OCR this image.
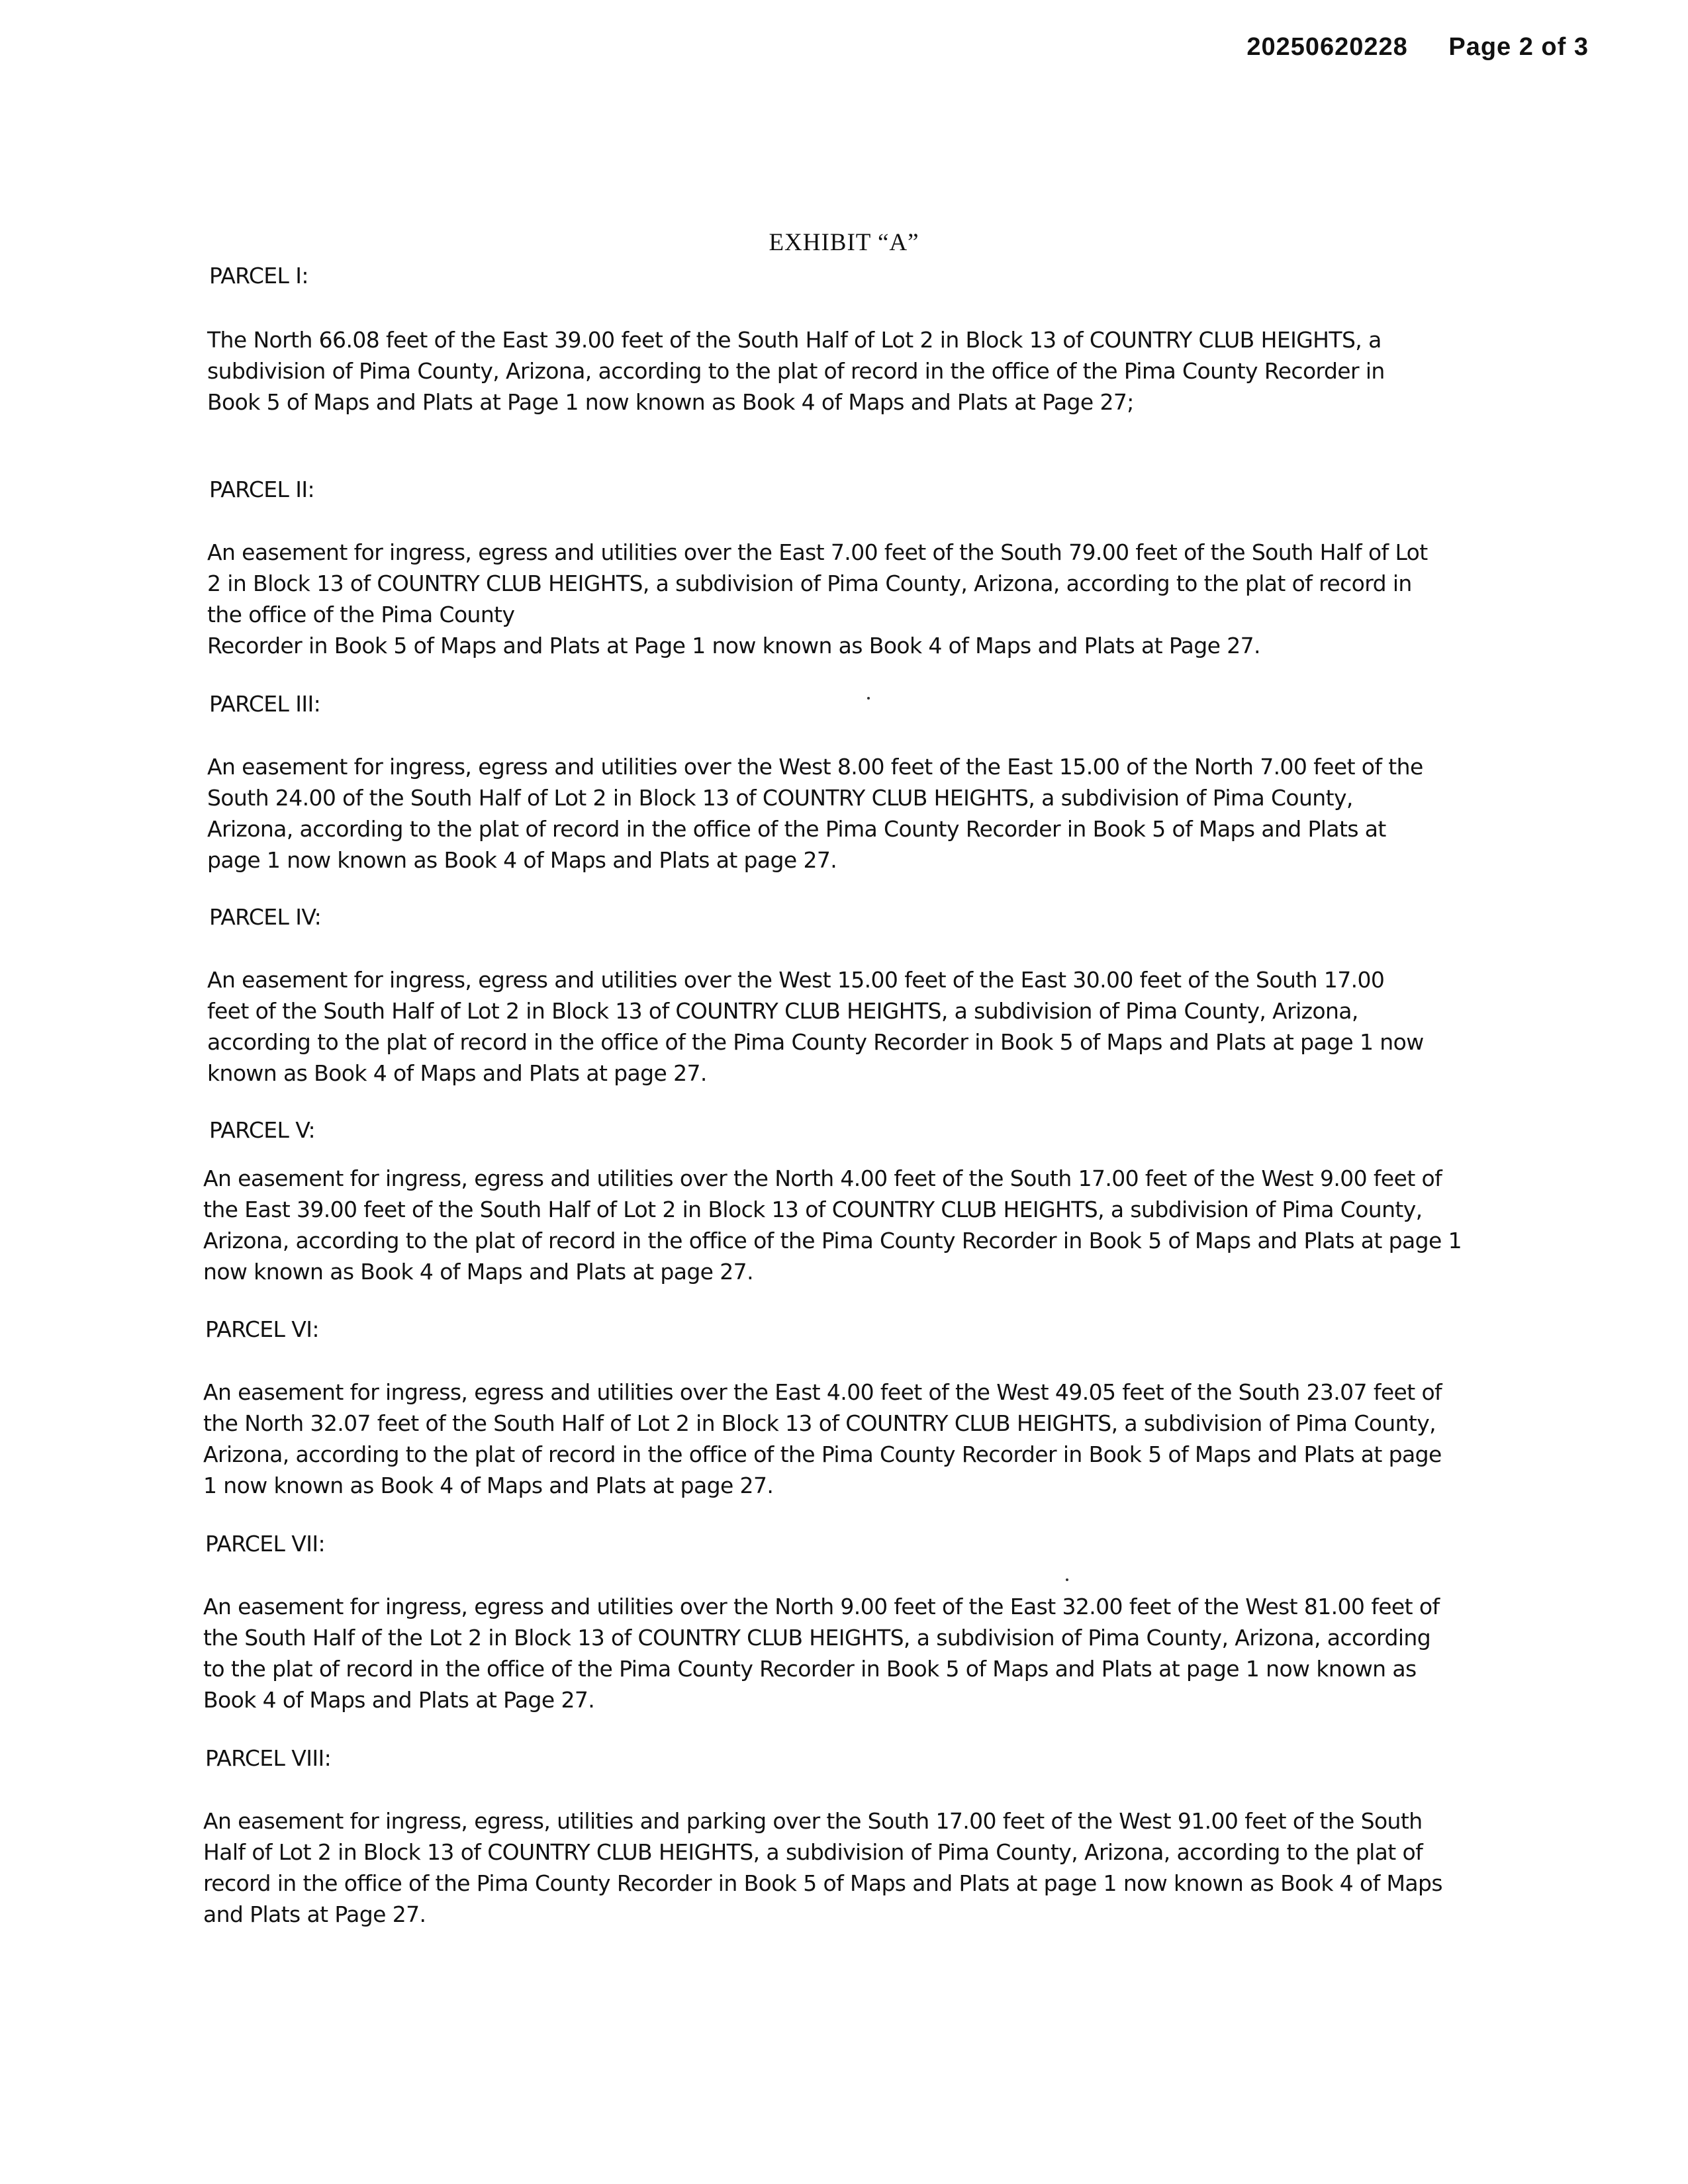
20250620228 Page 2 of 3
EXHIBIT “A”
PARCEL I:

The North 66.08 feet of the East 39.00 feet of the South Half of Lot 2 in Block 13 of COUNTRY CLUB HEIGHTS, a subdivision of Pima County, Arizona, according to the plat of record in the office of the Pima County Recorder in Book 5 of Maps and Plats at Page 1 now known as Book 4 of Maps and Plats at Page 27;

PARCEL II:

An easement for ingress, egress and utilities over the East 7.00 feet of the South 79.00 feet of the South Half of Lot 2 in Block 13 of COUNTRY CLUB HEIGHTS, a subdivision of Pima County, Arizona, according to the plat of record in the office of the Pima County
Recorder in Book 5 of Maps and Plats at Page 1 now known as Book 4 of Maps and Plats at Page 27.

PARCEL III:

An easement for ingress, egress and utilities over the West 8.00 feet of the East 15.00 of the North 7.00 feet of the South 24.00 of the South Half of Lot 2 in Block 13 of COUNTRY CLUB HEIGHTS, a subdivision of Pima County, Arizona, according to the plat of record in the office of the Pima County Recorder in Book 5 of Maps and Plats at page 1 now known as Book 4 of Maps and Plats at page 27.

PARCEL IV:

An easement for ingress, egress and utilities over the West 15.00 feet of the East 30.00 feet of the South 17.00 feet of the South Half of Lot 2 in Block 13 of COUNTRY CLUB HEIGHTS, a subdivision of Pima County, Arizona, according to the plat of record in the office of the Pima County Recorder in Book 5 of Maps and Plats at page 1 now known as Book 4 of Maps and Plats at page 27.

PARCEL V:

An easement for ingress, egress and utilities over the North 4.00 feet of the South 17.00 feet of the West 9.00 feet of the East 39.00 feet of the South Half of Lot 2 in Block 13 of COUNTRY CLUB HEIGHTS, a subdivision of Pima County, Arizona, according to the plat of record in the office of the Pima County Recorder in Book 5 of Maps and Plats at page 1 now known as Book 4 of Maps and Plats at page 27.

PARCEL VI:

An easement for ingress, egress and utilities over the East 4.00 feet of the West 49.05 feet of the South 23.07 feet of the North 32.07 feet of the South Half of Lot 2 in Block 13 of COUNTRY CLUB HEIGHTS, a subdivision of Pima County, Arizona, according to the plat of record in the office of the Pima County Recorder in Book 5 of Maps and Plats at page 1 now known as Book 4 of Maps and Plats at page 27.

PARCEL VII:

An easement for ingress, egress and utilities over the North 9.00 feet of the East 32.00 feet of the West 81.00 feet of the South Half of the Lot 2 in Block 13 of COUNTRY CLUB HEIGHTS, a subdivision of Pima County, Arizona, according to the plat of record in the office of the Pima County Recorder in Book 5 of Maps and Plats at page 1 now known as Book 4 of Maps and Plats at Page 27.

PARCEL VIII:

An easement for ingress, egress, utilities and parking over the South 17.00 feet of the West 91.00 feet of the South Half of Lot 2 in Block 13 of COUNTRY CLUB HEIGHTS, a subdivision of Pima County, Arizona, according to the plat of record in the office of the Pima County Recorder in Book 5 of Maps and Plats at page 1 now known as Book 4 of Maps and Plats at Page 27.
